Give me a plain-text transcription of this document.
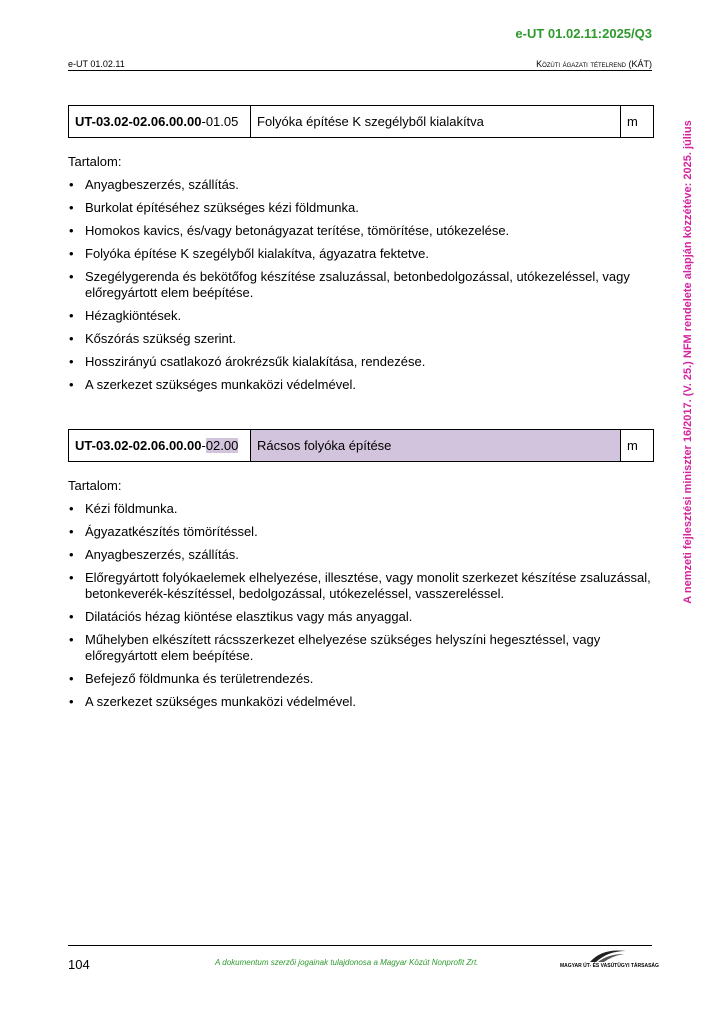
e-UT 01.02.11:2025/Q3
e-UT 01.02.11	Közúti ágazati tételrend (KÁT)
A nemzeti fejlesztési miniszter 16/2017. (V. 25.) NFM rendelete alapján közzétéve: 2025. július
UT-03.02-02.06.00.00-01.05	Folyóka építése K szegélyből kialakítva	m

Tartalom:

• Anyagbeszerzés, szállítás.
• Burkolat építéséhez szükséges kézi földmunka.
• Homokos kavics, és/vagy betonágyazat terítése, tömörítése, utókezelése.
• Folyóka építése K szegélyből kialakítva, ágyazatra fektetve.
• Szegélygerenda és bekötőfog készítése zsaluzással, betonbedolgozással, utókezeléssel, vagy előregyártott elem beépítése.
• Hézagkiöntések.
• Kőszórás szükség szerint.
• Hosszirányú csatlakozó árokrézsűk kialakítása, rendezése.
• A szerkezet szükséges munkaközi védelmével.
UT-03.02-02.06.00.00-02.00	Rácsos folyóka építése	m

Tartalom:

• Kézi földmunka.
• Ágyazatkészítés tömörítéssel.
• Anyagbeszerzés, szállítás.
• Előregyártott folyókaelemek elhelyezése, illesztése, vagy monolit szerkezet készítése zsaluzással, betonkeverék-készítéssel, bedolgozással, utókezeléssel, vasszereléssel.
• Dilatációs hézag kiöntése elasztikus vagy más anyaggal.
• Műhelyben elkészített rácsszerkezet elhelyezése szükséges helyszíni hegesztéssel, vagy előregyártott elem beépítése.
• Befejező földmunka és területrendezés.
• A szerkezet szükséges munkaközi védelmével.
104	A dokumentum szerzői jogainak tulajdonosa a Magyar Közút Nonprofit Zrt.	MAGYAR ÚT- ÉS VASÚTÜGYI TÁRSASÁG
